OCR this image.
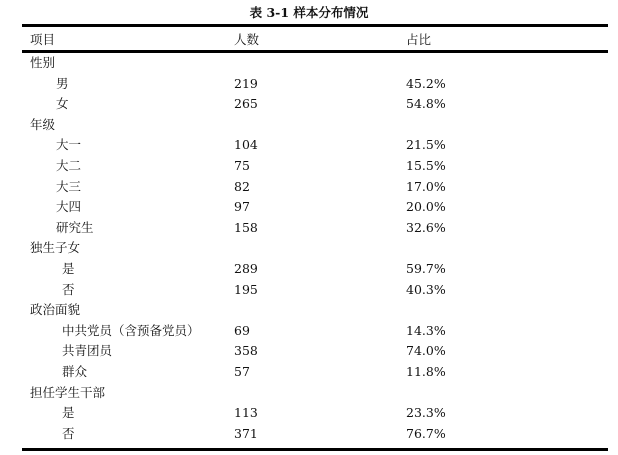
表 3-1 样本分布情况
项目	人数	占比
性别
男	219	45.2%
女	265	54.8%
年级
大一	104	21.5%
大二	75	15.5%
大三	82	17.0%
大四	97	20.0%
研究生	158	32.6%
独生子女
是	289	59.7%
否	195	40.3%
政治面貌
中共党员（含预备党员）	69	14.3%
共青团员	358	74.0%
群众	57	11.8%
担任学生干部
是	113	23.3%
否	371	76.7%
